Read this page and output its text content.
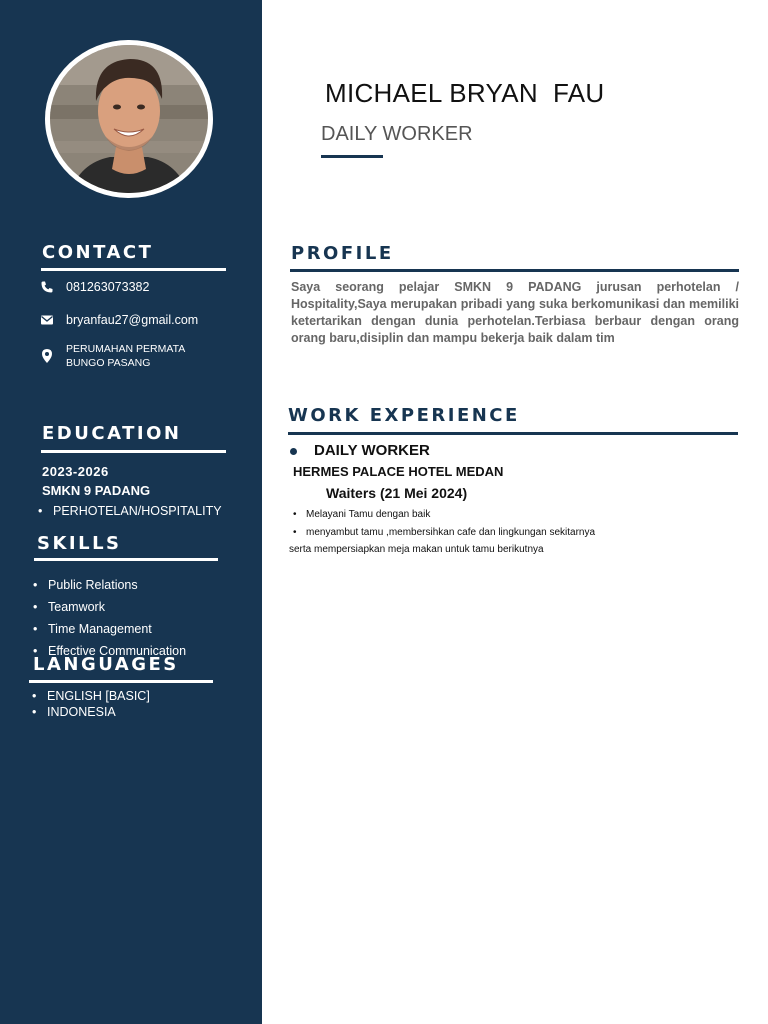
CONTACT
081263073382
bryanfau27@gmail.com
PERUMAHAN PERMATA
BUNGO PASANG
EDUCATION
2023-2026
SMKN 9 PADANG
• PERHOTELAN/HOSPITALITY
SKILLS
• Public Relations
• Teamwork
• Time Management
• Effective Communication
LANGUAGES
• ENGLISH [BASIC]
• INDONESIA
MICHAEL BRYAN  FAU
DAILY WORKER
PROFILE
Saya seorang pelajar SMKN 9 PADANG jurusan perhotelan / Hospitality,Saya merupakan pribadi yang suka berkomunikasi dan memiliki ketertarikan dengan dunia perhotelan.Terbiasa berbaur dengan orang orang baru,disiplin dan mampu bekerja baik dalam tim
WORK EXPERIENCE
DAILY WORKER
HERMES PALACE HOTEL MEDAN
Waiters (21 Mei 2024)
• Melayani Tamu dengan baik
• menyambut tamu ,membersihkan cafe dan lingkungan sekitarnya
serta mempersiapkan meja makan untuk tamu berikutnya
